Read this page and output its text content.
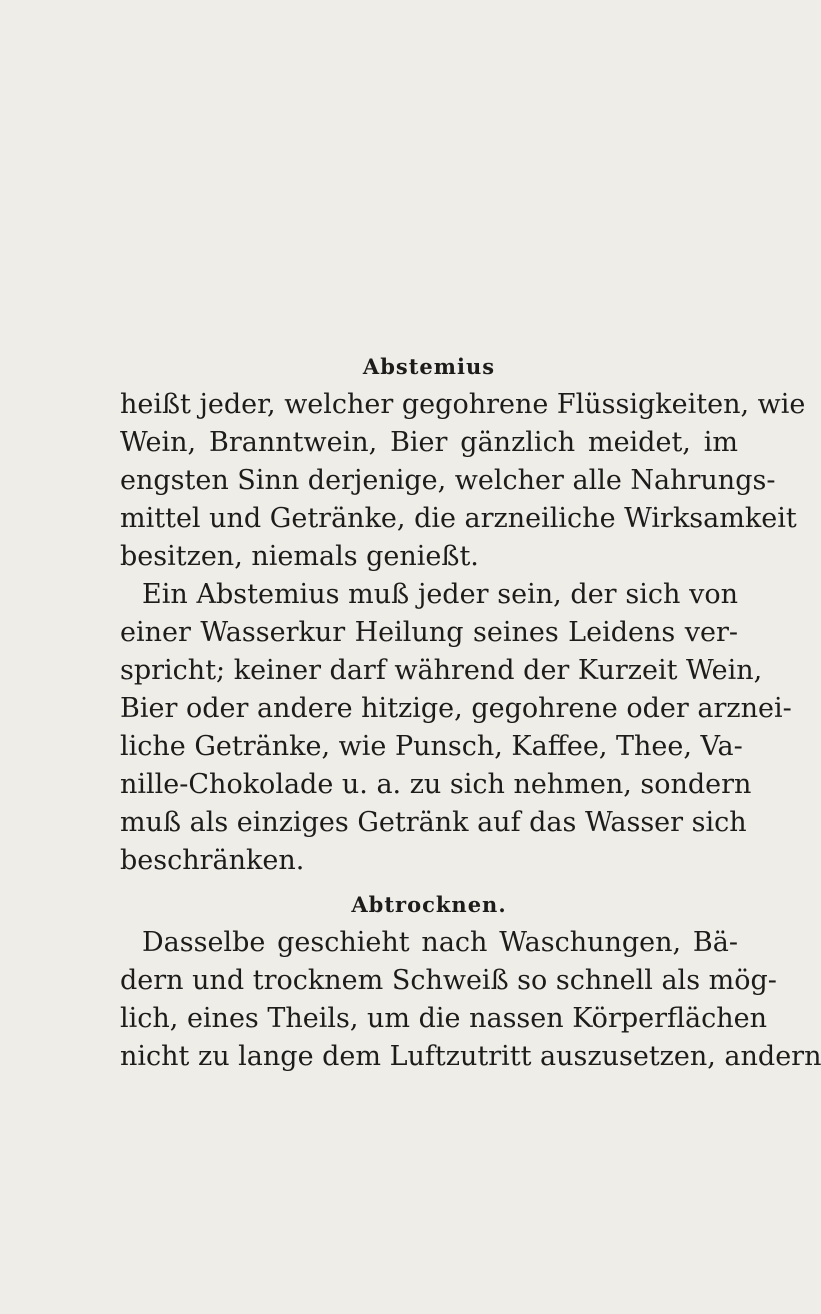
Abstemius
heißt jeder, welcher gegohrene Flüssigkeiten, wie
Wein, Branntwein, Bier gänzlich meidet, im
engsten Sinn derjenige, welcher alle Nahrungs-
mittel und Getränke, die arzneiliche Wirksamkeit
besitzen, niemals genießt.
Ein Abstemius muß jeder sein, der sich von
einer Wasserkur Heilung seines Leidens ver-
spricht; keiner darf während der Kurzeit Wein,
Bier oder andere hitzige, gegohrene oder arznei-
liche Getränke, wie Punsch, Kaffee, Thee, Va-
nille-Chokolade u. a. zu sich nehmen, sondern
muß als einziges Getränk auf das Wasser sich
beschränken.
Abtrocknen.
Dasselbe geschieht nach Waschungen, Bä-
dern und trocknem Schweiß so schnell als mög-
lich, eines Theils, um die nassen Körperflächen
nicht zu lange dem Luftzutritt auszusetzen, andern
